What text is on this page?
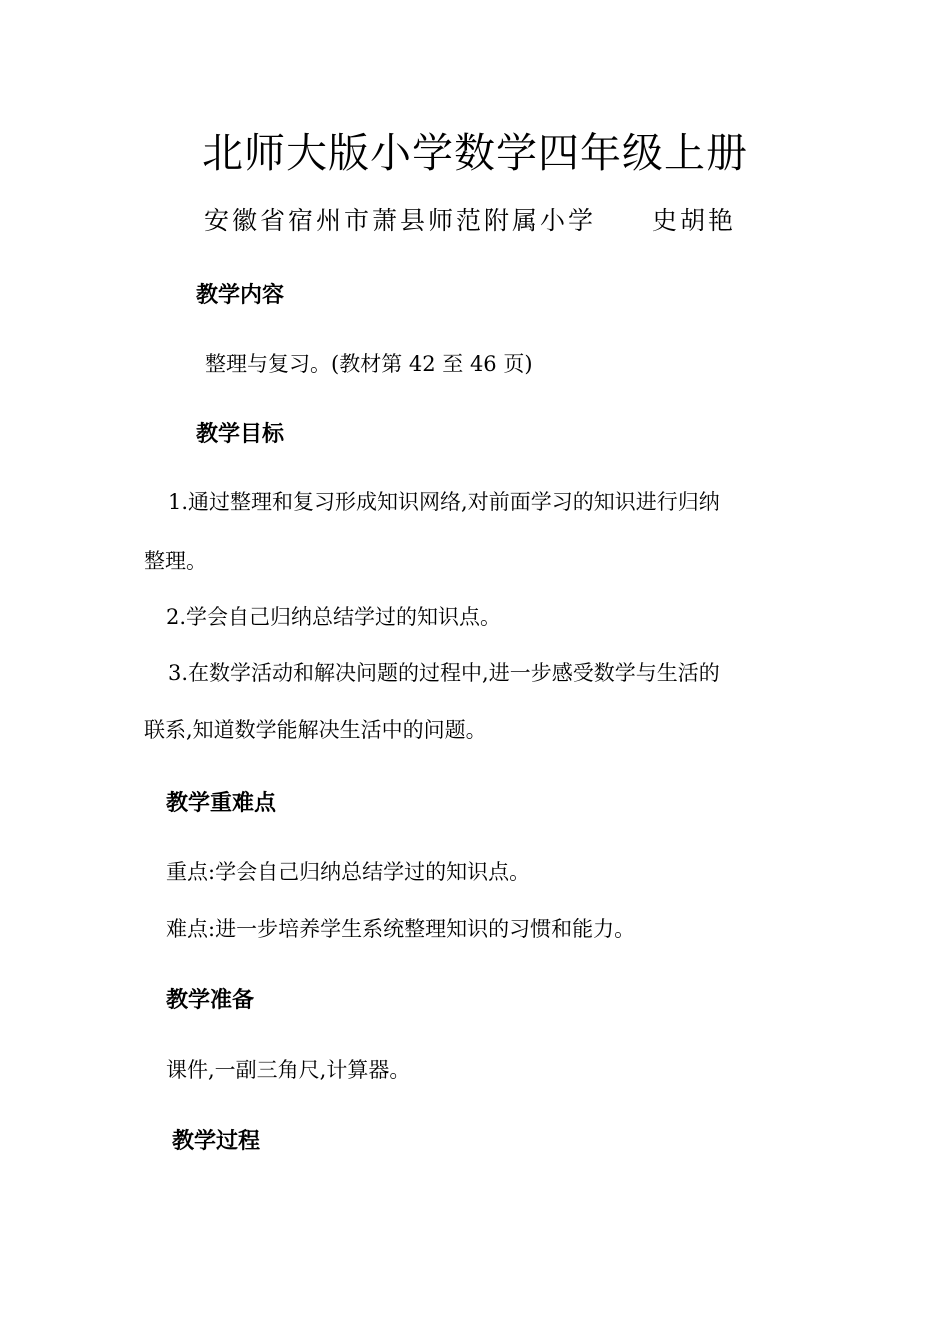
北师大版小学数学四年级上册
安徽省宿州市萧县师范附属小学 史胡艳
教学内容
整理与复习。(教材第 42 至 46 页)
教学目标
1.通过整理和复习形成知识网络,对前面学习的知识进行归纳
整理。
2.学会自己归纳总结学过的知识点。
3.在数学活动和解决问题的过程中,进一步感受数学与生活的
联系,知道数学能解决生活中的问题。
教学重难点
重点:学会自己归纳总结学过的知识点。
难点:进一步培养学生系统整理知识的习惯和能力。
教学准备
课件,一副三角尺,计算器。
教学过程
